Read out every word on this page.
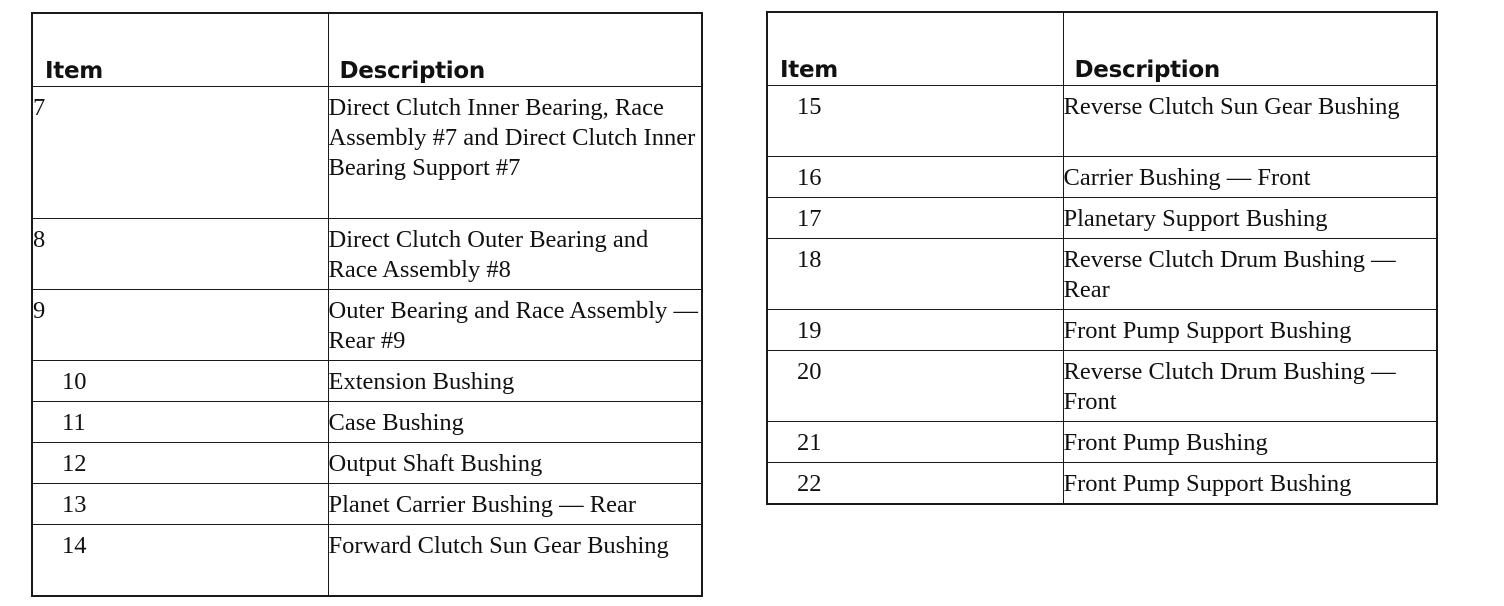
Item	Description
7	Direct Clutch Inner Bearing, Race Assembly #7 and Direct Clutch Inner Bearing Support #7
8	Direct Clutch Outer Bearing and Race Assembly #8
9	Outer Bearing and Race Assembly — Rear #9
10	Extension Bushing
11	Case Bushing
12	Output Shaft Bushing
13	Planet Carrier Bushing — Rear
14	Forward Clutch Sun Gear Bushing
Item	Description
15	Reverse Clutch Sun Gear Bushing
16	Carrier Bushing — Front
17	Planetary Support Bushing
18	Reverse Clutch Drum Bushing — Rear
19	Front Pump Support Bushing
20	Reverse Clutch Drum Bushing — Front
21	Front Pump Bushing
22	Front Pump Support Bushing
